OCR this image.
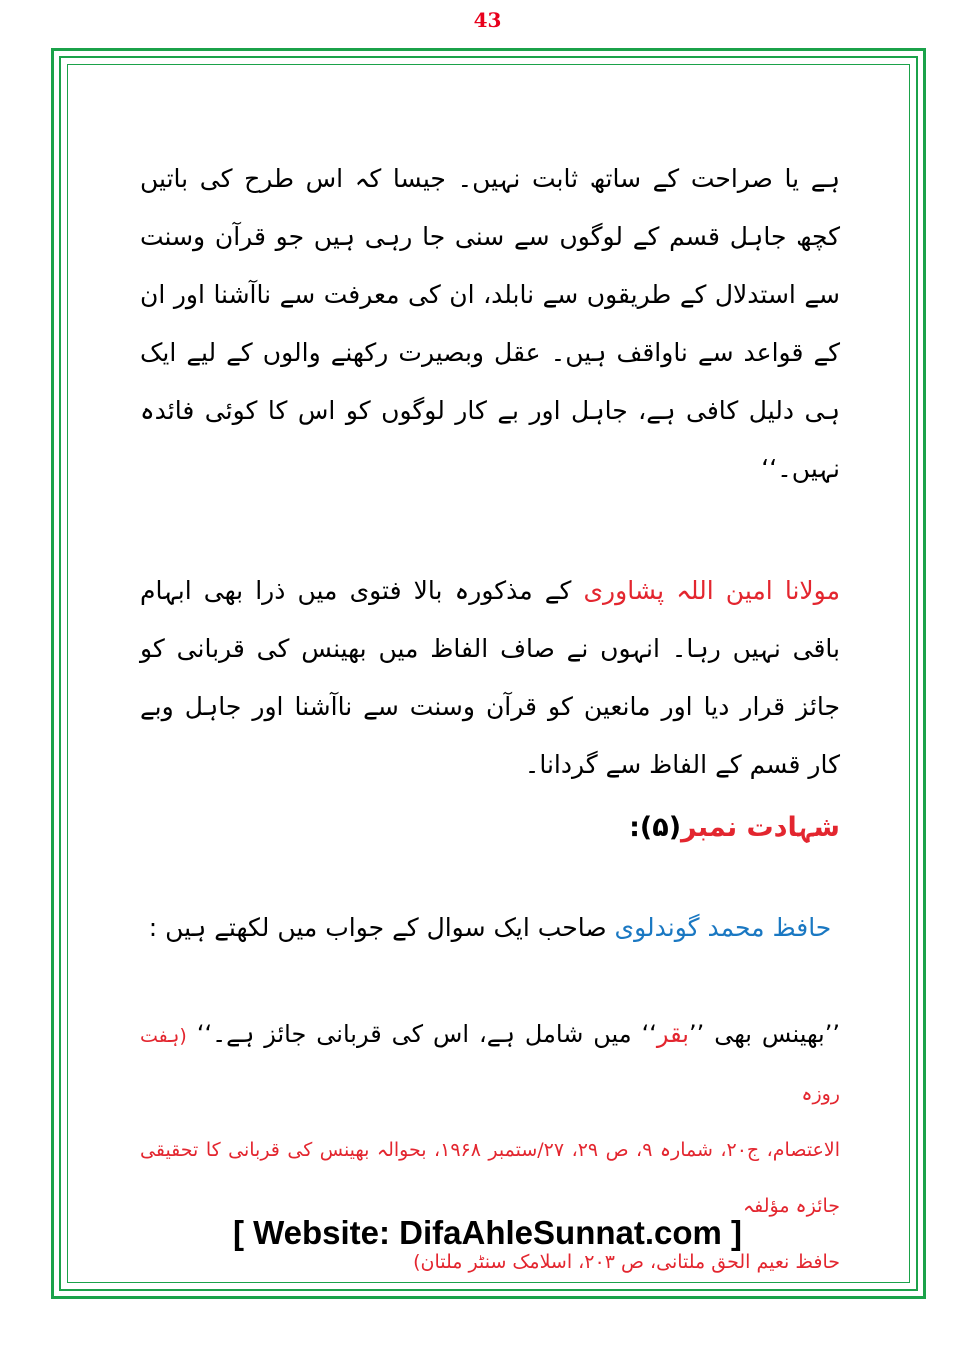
43
ہے یا صراحت کے ساتھ ثابت نہیں۔ جیسا کہ اس طرح کی باتیں کچھ جاہل قسم کے لوگوں سے سنی جا رہی ہیں جو قرآن وسنت سے استدلال کے طریقوں سے نابلد، ان کی معرفت سے ناآشنا اور ان کے قواعد سے ناواقف ہیں۔ عقل وبصیرت رکھنے والوں کے لیے ایک ہی دلیل کافی ہے، جاہل اور بے کار لوگوں کو اس کا کوئی فائدہ نہیں۔‘‘
مولانا امین اللہ پشاوری کے مذکورہ بالا فتوی میں ذرا بھی ابہام باقی نہیں رہا۔ انہوں نے صاف الفاظ میں بھینس کی قربانی کو جائز قرار دیا اور مانعین کو قرآن وسنت سے ناآشنا اور جاہل وبے کار قسم کے الفاظ سے گردانا۔
شہادت نمبر(۵):
حافظ محمد گوندلوی صاحب ایک سوال کے جواب میں لکھتے ہیں :
’’بھینس بھی ’’بقر‘‘ میں شامل ہے، اس کی قربانی جائز ہے۔‘‘ (ہفت روزہ
الاعتصام، ج۲۰، شمارہ ۹، ص ۲۹، ۲۷/ستمبر ۱۹۶۸، بحوالہ بھینس کی قربانی کا تحقیقی جائزہ مؤلفہ
حافظ نعیم الحق ملتانی، ص ۲۰۳، اسلامک سنٹر ملتان)
[ Website: DifaAhleSunnat.com ]
